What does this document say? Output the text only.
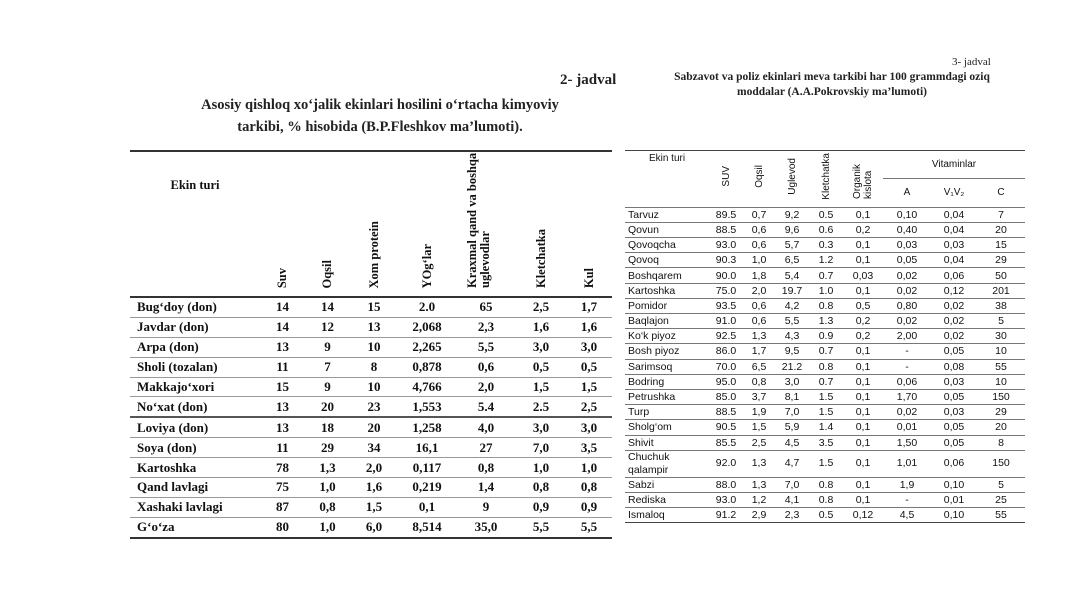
2- jadval
Asosiy qishloq xo‘jalik ekinlari hosilini o‘rtacha kimyoviy
tarkibi, % hisobida (B.P.Fleshkov ma’lumoti).
Ekin turi	Suv	Oqsil	Xom protein	YOg‘lar	Kraxmal qand va boshqa uglevodlar	Kletchatka	Kul
Bug‘doy (don)	14	14	15	2.0	65	2,5	1,7
Javdar (don)	14	12	13	2,068	2,3	1,6	1,6
Arpa (don)	13	9	10	2,265	5,5	3,0	3,0
Sholi (tozalan)	11	7	8	0,878	0,6	0,5	0,5
Makkajo‘xori	15	9	10	4,766	2,0	1,5	1,5
No‘xat (don)	13	20	23	1,553	5.4	2.5	2,5
Loviya (don)	13	18	20	1,258	4,0	3,0	3,0
Soya (don)	11	29	34	16,1	27	7,0	3,5
Kartoshka	78	1,3	2,0	0,117	0,8	1,0	1,0
Qand lavlagi	75	1,0	1,6	0,219	1,4	0,8	0,8
Xashaki lavlagi	87	0,8	1,5	0,1	9	0,9	0,9
G‘o‘za	80	1,0	6,0	8,514	35,0	5,5	5,5
3- jadval
Sabzavot va poliz ekinlari meva tarkibi har 100 grammdagi oziq
moddalar (A.A.Pokrovskiy ma’lumoti)
Ekin turi	SUV	Oqsil	Uglevod	Kletchatka	Organik kislota	Vitaminlar		
						A	V₁V₂	C
Tarvuz	89.5	0,7	9,2	0.5	0,1	0,10	0,04	7
Qovun	88.5	0,6	9,6	0.6	0,2	0,40	0,04	20
Qovoqcha	93.0	0,6	5,7	0.3	0,1	0,03	0,03	15
Qovoq	90.3	1,0	6,5	1.2	0,1	0,05	0,04	29
Boshqarem	90.0	1,8	5,4	0.7	0,03	0,02	0,06	50
Kartoshka	75.0	2,0	19.7	1.0	0,1	0,02	0,12	201
Pomidor	93.5	0,6	4,2	0.8	0,5	0,80	0,02	38
Baqlajon	91.0	0,6	5,5	1.3	0,2	0,02	0,02	5
Ko‘k piyoz	92.5	1,3	4,3	0.9	0,2	2,00	0,02	30
Bosh piyoz	86.0	1,7	9,5	0.7	0,1	-	0,05	10
Sarimsoq	70.0	6,5	21.2	0.8	0,1	-	0,08	55
Bodring	95.0	0,8	3,0	0.7	0,1	0,06	0,03	10
Petrushka	85.0	3,7	8,1	1.5	0,1	1,70	0,05	150
Turp	88.5	1,9	7,0	1.5	0,1	0,02	0,03	29
Sholg‘om	90.5	1,5	5,9	1.4	0,1	0,01	0,05	20
Shivit	85.5	2,5	4,5	3.5	0,1	1,50	0,05	8
Chuchuk qalampir	92.0	1,3	4,7	1.5	0,1	1,01	0,06	150
Sabzi	88.0	1,3	7,0	0.8	0,1	1,9	0,10	5
Rediska	93.0	1,2	4,1	0.8	0,1	-	0,01	25
Ismaloq	91.2	2,9	2,3	0.5	0,12	4,5	0,10	55
